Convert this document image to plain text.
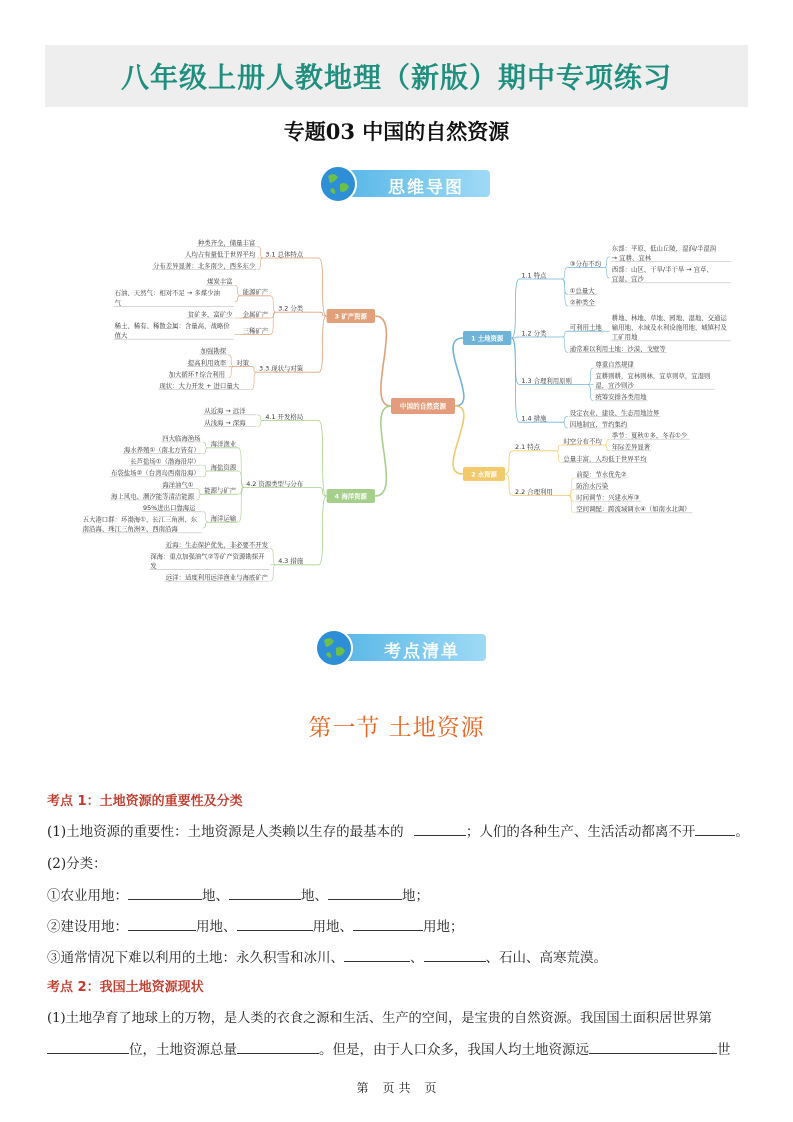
八年级上册人教地理（新版）期中专项练习
专题03 中国的自然资源
思维导图
中国的自然资源
3 矿产资源
3.1 总体特点
种类齐全，储量丰富
人均占有量低于世界平均
分布差异显著：北多南少，西多东少
3.2 分类
能源矿产
煤炭丰富
石油、天然气：相对不足 → 多煤少油
气
金属矿产
贫矿多，富矿少
三稀矿产
稀土、稀有、稀散金属：含量高，战略价
值大
3.3 现状与对策
对策
加强勘探
提高利用效率
加大循环↑综合利用
现状：大力开发 + 进口量大
4 海洋资源
4.1 开发格局
从近海 → 远洋
从浅海 → 深海
4.2 资源类型与分布
海洋渔业
四大临海渔场
海水养殖①（南北方皆有）
海盐资源
长芦盐场①（渤海沿岸）
布袋盐场②（台湾岛西南沿海）
能源与矿产
海洋油气①
海上风电、潮汐能等清洁能源
海洋运输
95%进出口靠海运
五大港口群：环渤海①、长江三角洲、东
南沿海、珠江三角洲②、西南沿海
4.3 措施
近海：生态保护优先，非必要不开发
深海：重点加强油气②等矿产资源勘探开
发
远洋：适度利用远洋渔业与海底矿产
1 土地资源
1.1 特点
③分布不均
东部：平原、低山丘陵，湿润/半湿润
→ 宜耕、宜林
西部：山区、干旱/半干旱 → 宜草、
宜湿、宜沙
①总量大
②种类全
1.2 分类
可利用土地
耕地、林地、草地、园地、湿地、交通运
输用地、水域及水利设施用地、城镇村及
工矿用地
通常难以利用土地：沙漠、戈壁等
1.3 合理利用原则
尊重自然规律
宜耕则耕，宜林则林，宜草则草，宜湿则
湿，宜沙则沙
统筹安排各类用地
1.4 措施
设定农业、建设、生态用地边界
因地制宜，节约集约
2 水资源
2.1 特点
时空分布不均
季节：夏秋①多，冬春①少
年际差异显著
总量丰富，人均低于世界平均
2.2 合理利用
前提：节水优先②
防治水污染
时间调节：兴建水库③
空间调配：跨流域调水④（如南水北调）
考点清单
第一节 土地资源
考点 1：土地资源的重要性及分类
(1)土地资源的重要性：土地资源是人类赖以生存的最基本的	；人们的各种生产、生活活动都离不开	。
(2)分类：
①农业用地：	地、	地、	地；
②建设用地：	用地、	用地、	用地；
③通常情况下难以利用的土地：永久积雪和冰川、	、	、石山、高寒荒漠。
考点 2：我国土地资源现状
(1)土地孕育了地球上的万物，是人类的衣食之源和生活、生产的空间，是宝贵的自然资源。我国国土面积居世界第
位，土地资源总量	。但是，由于人口众多，我国人均土地资源远	世
第 页 共 页
